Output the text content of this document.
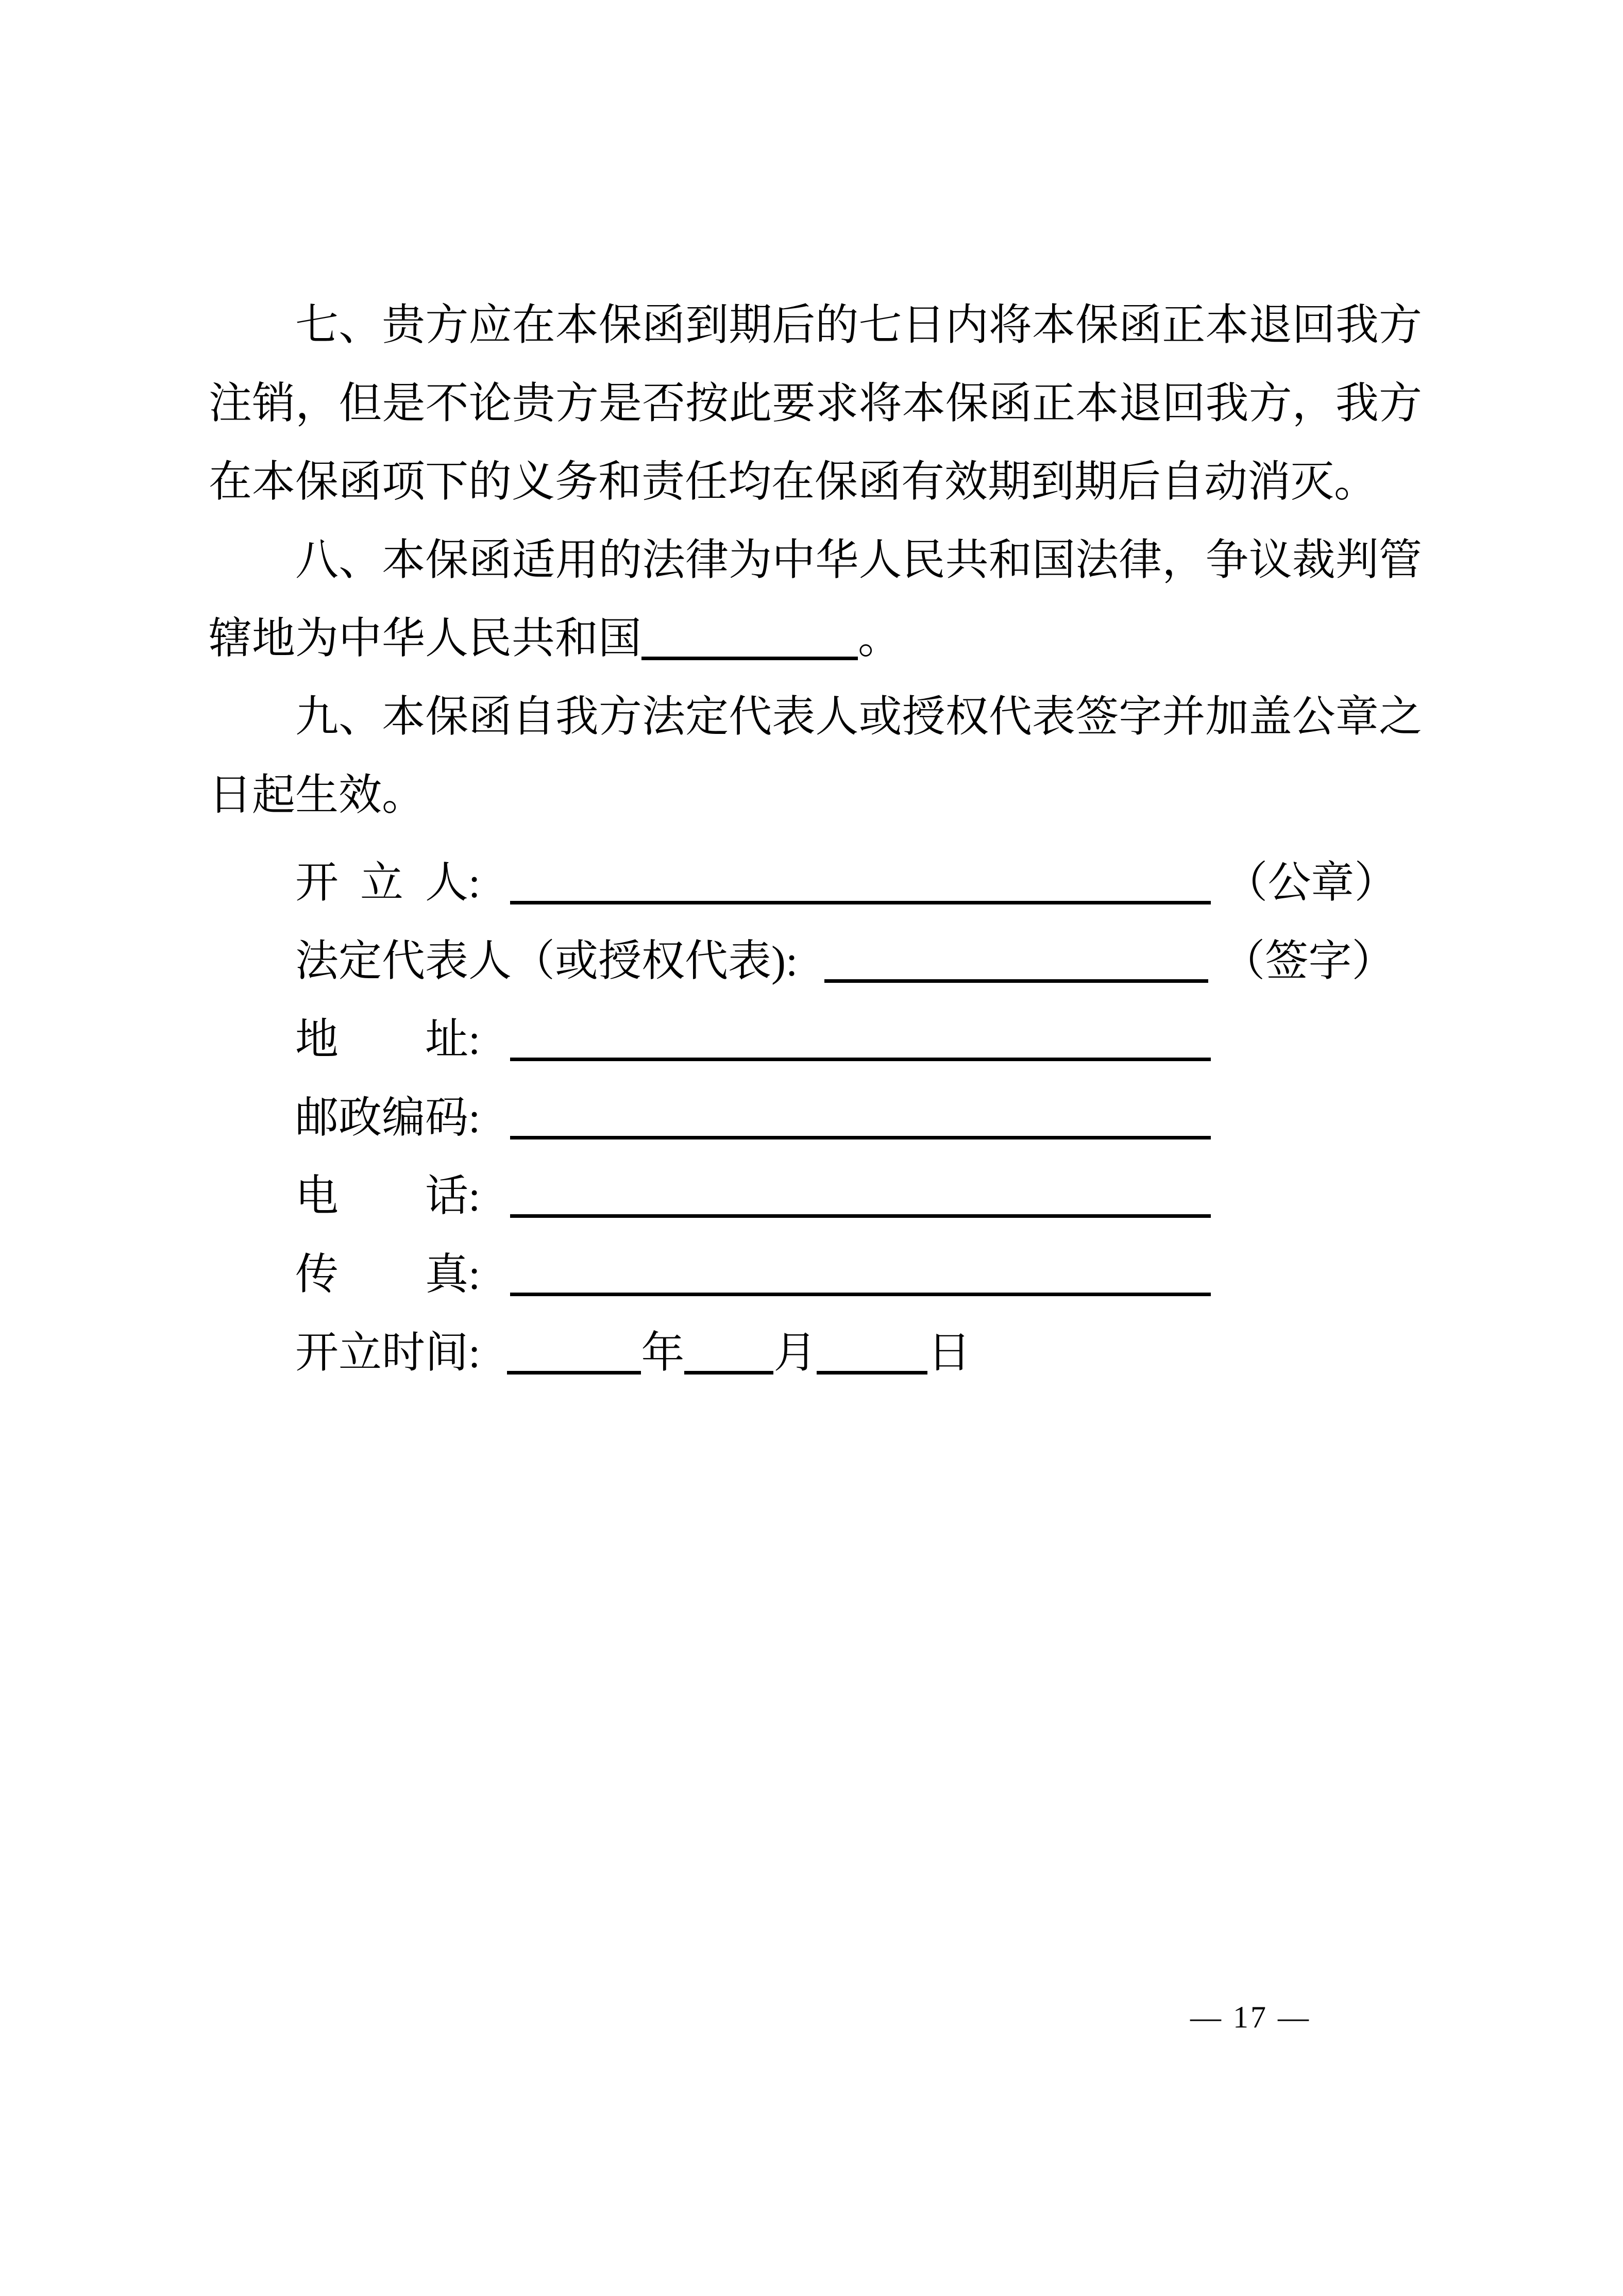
七、贵方应在本保函到期后的七日内将本保函正本退回我方
注销，但是不论贵方是否按此要求将本保函正本退回我方，我方
在本保函项下的义务和责任均在保函有效期到期后自动消灭。
八、本保函适用的法律为中华人民共和国法律，争议裁判管
辖地为中华人民共和国	。
九、本保函自我方法定代表人或授权代表签字并加盖公章之
日起生效。
开立人:	（公章）
法定代表人（或授权代表):	（签字）
地址:
邮政编码:
电话:
传真:
开立时间:	年 月	日
— 17 —
